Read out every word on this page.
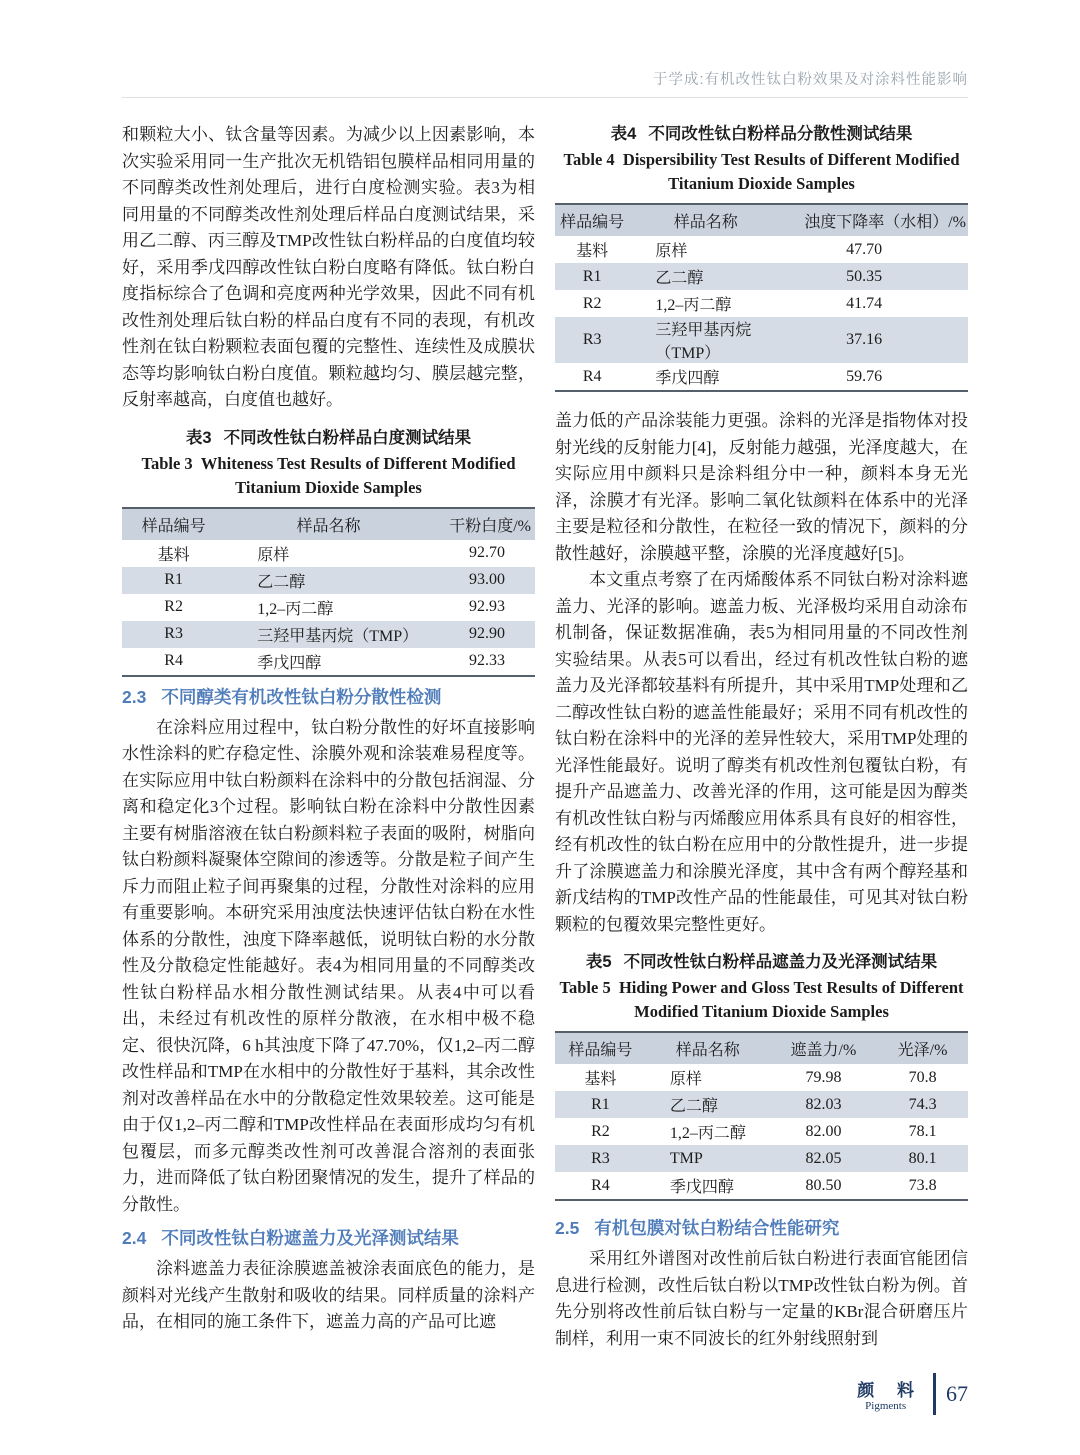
于学成:有机改性钛白粉效果及对涂料性能影响

和颗粒大小、钛含量等因素。为减少以上因素影响，本次实验采用同一生产批次无机锆铝包膜样品相同用量的不同醇类改性剂处理后，进行白度检测实验。表3为相同用量的不同醇类改性剂处理后样品白度测试结果，采用乙二醇、丙三醇及TMP改性钛白粉样品的白度值均较好，采用季戊四醇改性钛白粉白度略有降低。钛白粉白度指标综合了色调和亮度两种光学效果，因此不同有机改性剂处理后钛白粉的样品白度有不同的表现，有机改性剂在钛白粉颗粒表面包覆的完整性、连续性及成膜状态等均影响钛白粉白度值。颗粒越均匀、膜层越完整，反射率越高，白度值也越好。

表3 不同改性钛白粉样品白度测试结果
Table 3  Whiteness Test Results of Different Modified Titanium Dioxide Samples
样品编号	样品名称	干粉白度/%
基料	原样	92.70
R1	乙二醇	93.00
R2	1,2–丙二醇	92.93
R3	三羟甲基丙烷（TMP）	92.90
R4	季戊四醇	92.33
2.3 不同醇类有机改性钛白粉分散性检测

在涂料应用过程中，钛白粉分散性的好坏直接影响水性涂料的贮存稳定性、涂膜外观和涂装难易程度等。在实际应用中钛白粉颜料在涂料中的分散包括润湿、分离和稳定化3个过程。影响钛白粉在涂料中分散性因素主要有树脂溶液在钛白粉颜料粒子表面的吸附，树脂向钛白粉颜料凝聚体空隙间的渗透等。分散是粒子间产生斥力而阻止粒子间再聚集的过程，分散性对涂料的应用有重要影响。本研究采用浊度法快速评估钛白粉在水性体系的分散性，浊度下降率越低，说明钛白粉的水分散性及分散稳定性能越好。表4为相同用量的不同醇类改性钛白粉样品水相分散性测试结果。从表4中可以看出，未经过有机改性的原样分散液，在水相中极不稳定、很快沉降，6 h其浊度下降了47.70%，仅1,2–丙二醇改性样品和TMP在水相中的分散性好于基料，其余改性剂对改善样品在水中的分散稳定性效果较差。这可能是由于仅1,2–丙二醇和TMP改性样品在表面形成均匀有机包覆层，而多元醇类改性剂可改善混合溶剂的表面张力，进而降低了钛白粉团聚情况的发生，提升了样品的分散性。

2.4 不同改性钛白粉遮盖力及光泽测试结果

涂料遮盖力表征涂膜遮盖被涂表面底色的能力，是颜料对光线产生散射和吸收的结果。同样质量的涂料产品，在相同的施工条件下，遮盖力高的产品可比遮

表4 不同改性钛白粉样品分散性测试结果
Table 4  Dispersibility Test Results of Different Modified Titanium Dioxide Samples
样品编号	样品名称	浊度下降率（水相）/%
基料	原样	47.70
R1	乙二醇	50.35
R2	1,2–丙二醇	41.74
R3	三羟甲基丙烷（TMP）	37.16
R4	季戊四醇	59.76

盖力低的产品涂装能力更强。涂料的光泽是指物体对投射光线的反射能力[4]，反射能力越强，光泽度越大，在实际应用中颜料只是涂料组分中一种，颜料本身无光泽，涂膜才有光泽。影响二氧化钛颜料在体系中的光泽主要是粒径和分散性，在粒径一致的情况下，颜料的分散性越好，涂膜越平整，涂膜的光泽度越好[5]。

本文重点考察了在丙烯酸体系不同钛白粉对涂料遮盖力、光泽的影响。遮盖力板、光泽极均采用自动涂布机制备，保证数据准确，表5为相同用量的不同改性剂实验结果。从表5可以看出，经过有机改性钛白粉的遮盖力及光泽都较基料有所提升，其中采用TMP处理和乙二醇改性钛白粉的遮盖性能最好；采用不同有机改性的钛白粉在涂料中的光泽的差异性较大，采用TMP处理的光泽性能最好。说明了醇类有机改性剂包覆钛白粉，有提升产品遮盖力、改善光泽的作用，这可能是因为醇类有机改性钛白粉与丙烯酸应用体系具有良好的相容性，经有机改性的钛白粉在应用中的分散性提升，进一步提升了涂膜遮盖力和涂膜光泽度，其中含有两个醇羟基和新戊结构的TMP改性产品的性能最佳，可见其对钛白粉颗粒的包覆效果完整性更好。

表5 不同改性钛白粉样品遮盖力及光泽测试结果
Table 5  Hiding Power and Gloss Test Results of Different Modified Titanium Dioxide Samples
样品编号	样品名称	遮盖力/%	光泽/%
基料	原样	79.98	70.8
R1	乙二醇	82.03	74.3
R2	1,2–丙二醇	82.00	78.1
R3	TMP	82.05	80.1
R4	季戊四醇	80.50	73.8
2.5 有机包膜对钛白粉结合性能研究

采用红外谱图对改性前后钛白粉进行表面官能团信息进行检测，改性后钛白粉以TMP改性钛白粉为例。首先分别将改性前后钛白粉与一定量的KBr混合研磨压片制样，利用一束不同波长的红外射线照射到

颜 料
Pigments 67
